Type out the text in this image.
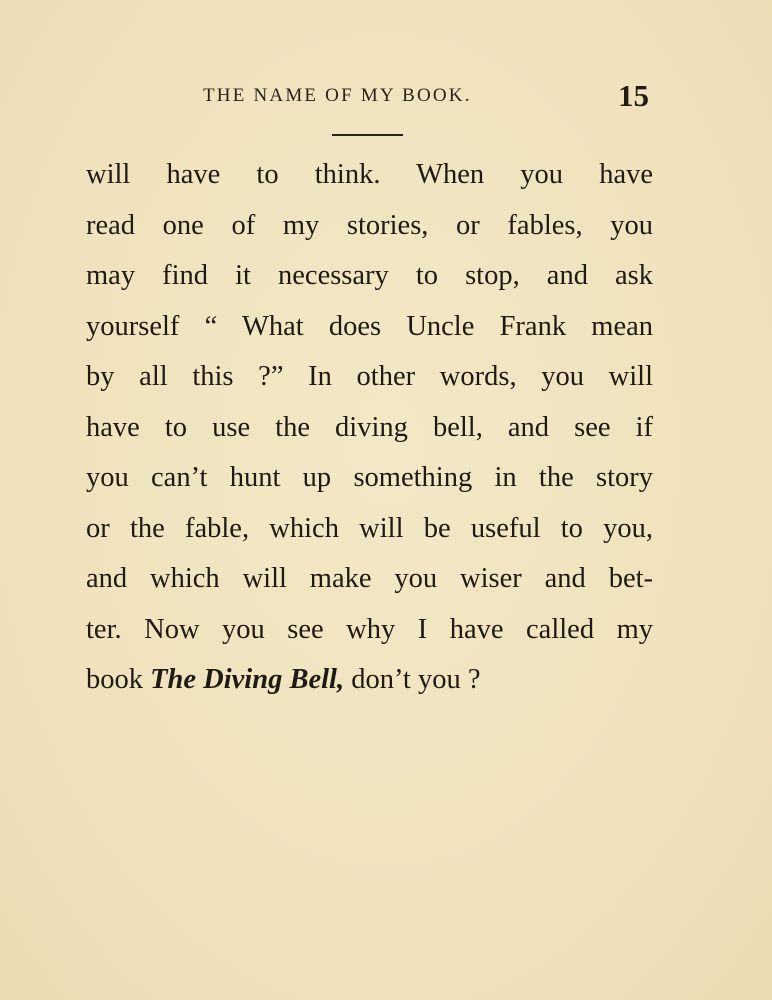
THE NAME OF MY BOOK.	15
will have to think. When you have
read one of my stories, or fables, you
may find it necessary to stop, and ask
yourself “ What does Uncle Frank mean
by all this ?” In other words, you will
have to use the diving bell, and see if
you can’t hunt up something in the story
or the fable, which will be useful to you,
and which will make you wiser and bet-
ter. Now you see why I have called my
book The Diving Bell, don’t you ?
